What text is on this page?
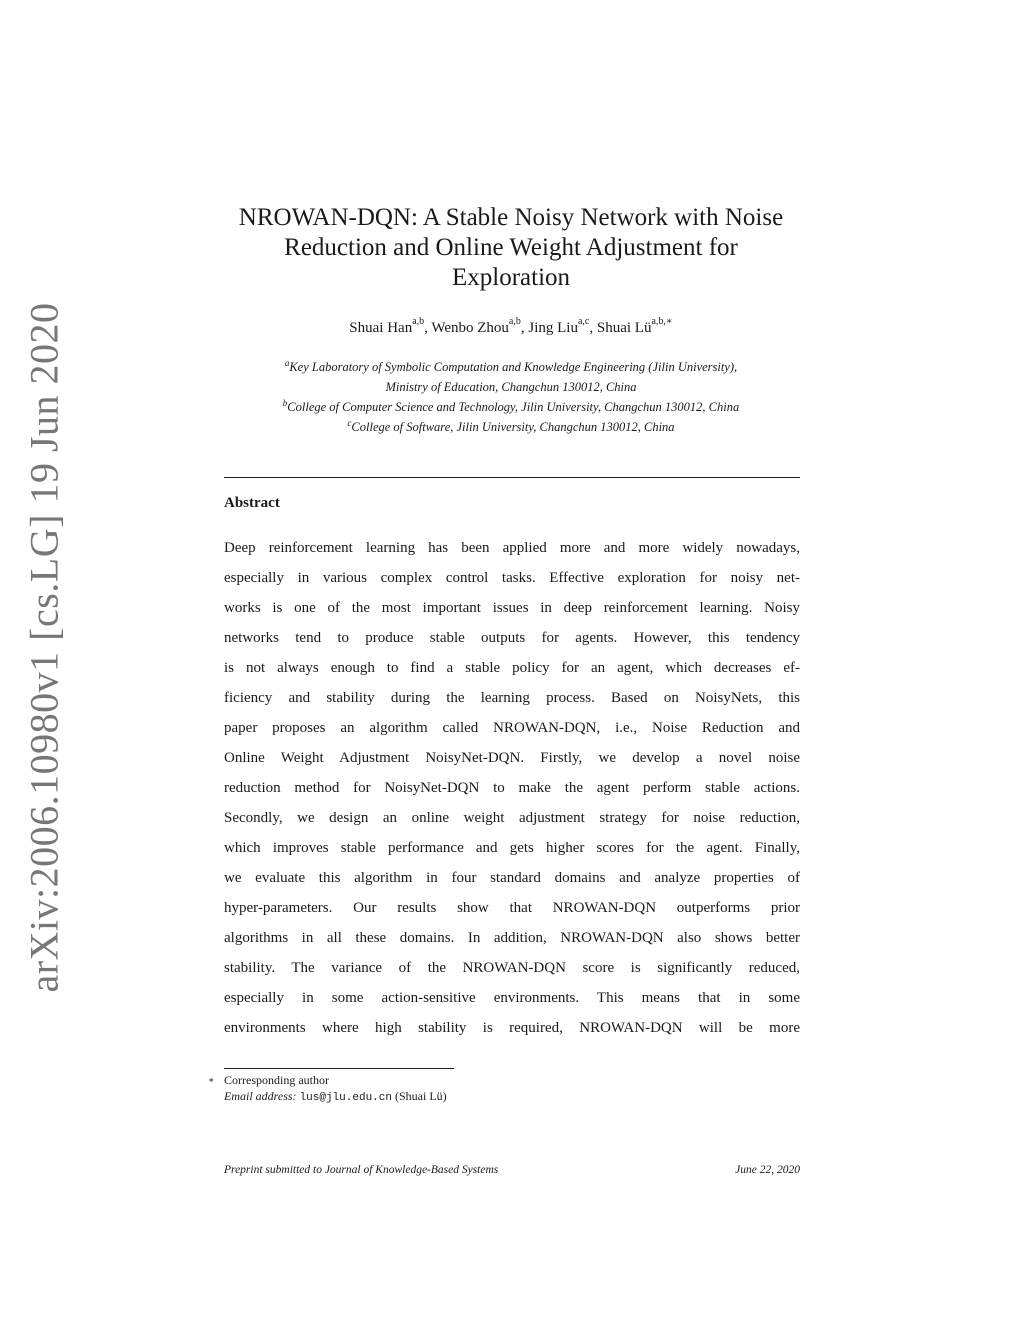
arXiv:2006.10980v1 [cs.LG] 19 Jun 2020
NROWAN-DQN: A Stable Noisy Network with Noise
Reduction and Online Weight Adjustment for
Exploration
Shuai Han$^{a,b}$, Wenbo Zhou$^{a,b}$, Jing Liu$^{a,c}$, Shuai $Lü^{a,b,∗}$
$^a$Key Laboratory of Symbolic Computation and Knowledge Engineering (Jilin University),
Ministry of Education, Changchun 130012, China
$^b$College of Computer Science and Technology, Jilin University, Changchun 130012, China
$^c$College of Software, Jilin University, Changchun 130012, China
Abstract
Deep reinforcement learning has been applied more and more widely nowadays,
especially in various complex control tasks. Effective exploration for noisy net-
works is one of the most important issues in deep reinforcement learning. Noisy
networks tend to produce stable outputs for agents. However, this tendency
is not always enough to find a stable policy for an agent, which decreases ef-
ficiency and stability during the learning process. Based on NoisyNets, this
paper proposes an algorithm called NROWAN-DQN, i.e., Noise Reduction and
Online Weight Adjustment NoisyNet-DQN. Firstly, we develop a novel noise
reduction method for NoisyNet-DQN to make the agent perform stable actions.
Secondly, we design an online weight adjustment strategy for noise reduction,
which improves stable performance and gets higher scores for the agent. Finally,
we evaluate this algorithm in four standard domains and analyze properties of
hyper-parameters. Our results show that NROWAN-DQN outperforms prior
algorithms in all these domains. In addition, NROWAN-DQN also shows better
stability. The variance of the NROWAN-DQN score is significantly reduced,
especially in some action-sensitive environments. This means that in some
environments where high stability is required, NROWAN-DQN will be more
∗ Corresponding author
Email address: lus@jlu.edu.cn (Shuai Lü)
Preprint submitted to Journal of Knowledge-Based Systems	June 22, 2020
